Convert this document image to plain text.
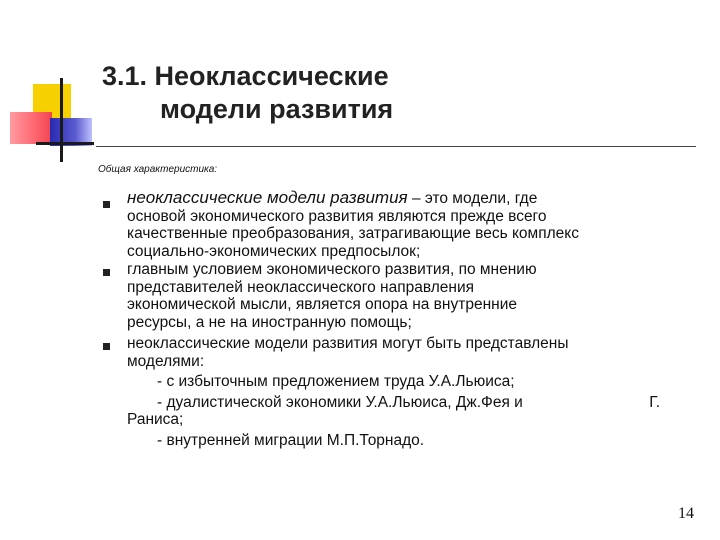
3.1. Неоклассические
модели развития
Общая характеристика:
неоклассические модели развития – это модели, где
основой экономического развития являются прежде всего
качественные преобразования, затрагивающие весь комплекс
социально-экономических предпосылок;
главным условием экономического развития, по мнению
представителей неоклассического направления
экономической мысли, является опора на внутренние
ресурсы, а не на иностранную помощь;
неоклассические модели развития могут быть представлены
моделями:
- с избыточным предложением труда У.А.Льюиса;
- дуалистической экономики У.А.Льюиса, Дж.Фея и	Г.
Раниса;
- внутренней миграции М.П.Торнадо.
14
